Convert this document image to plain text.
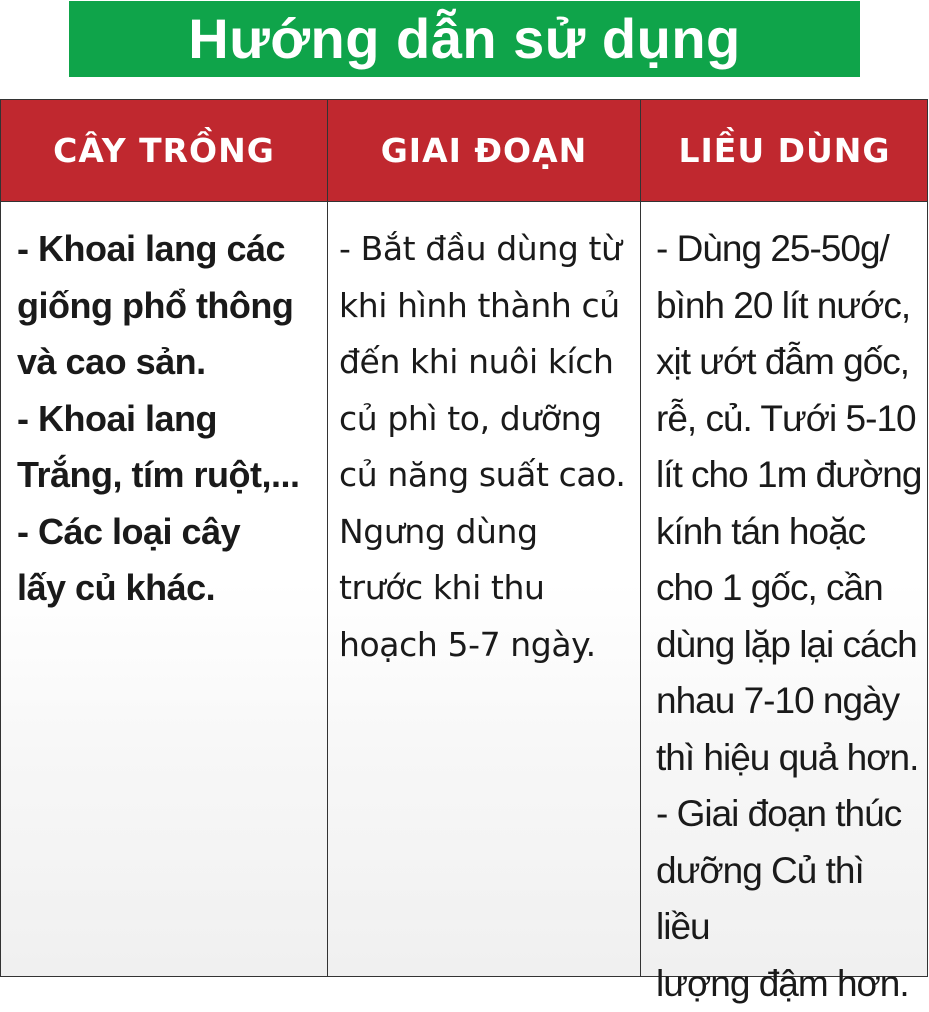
Hướng dẫn sử dụng
CÂY TRỒNG	GIAI ĐOẠN	LIỀU DÙNG
- Khoai lang các
giống phổ thông
và cao sản.
- Khoai lang
Trắng, tím ruột,...
- Các loại cây
lấy củ khác.
- Bắt đầu dùng từ
khi hình thành củ
đến khi nuôi kích
củ phì to, dưỡng
củ năng suất cao.
Ngưng dùng
trước khi thu
hoạch 5-7 ngày.
- Dùng 25-50g/
bình 20 lít nước,
xịt ướt đẫm gốc,
rễ, củ. Tưới 5-10
lít cho 1m đường
kính tán hoặc
cho 1 gốc, cần
dùng lặp lại cách
nhau 7-10 ngày
thì hiệu quả hơn.
- Giai đoạn thúc
dưỡng Củ thì liều
lượng đậm hơn.
